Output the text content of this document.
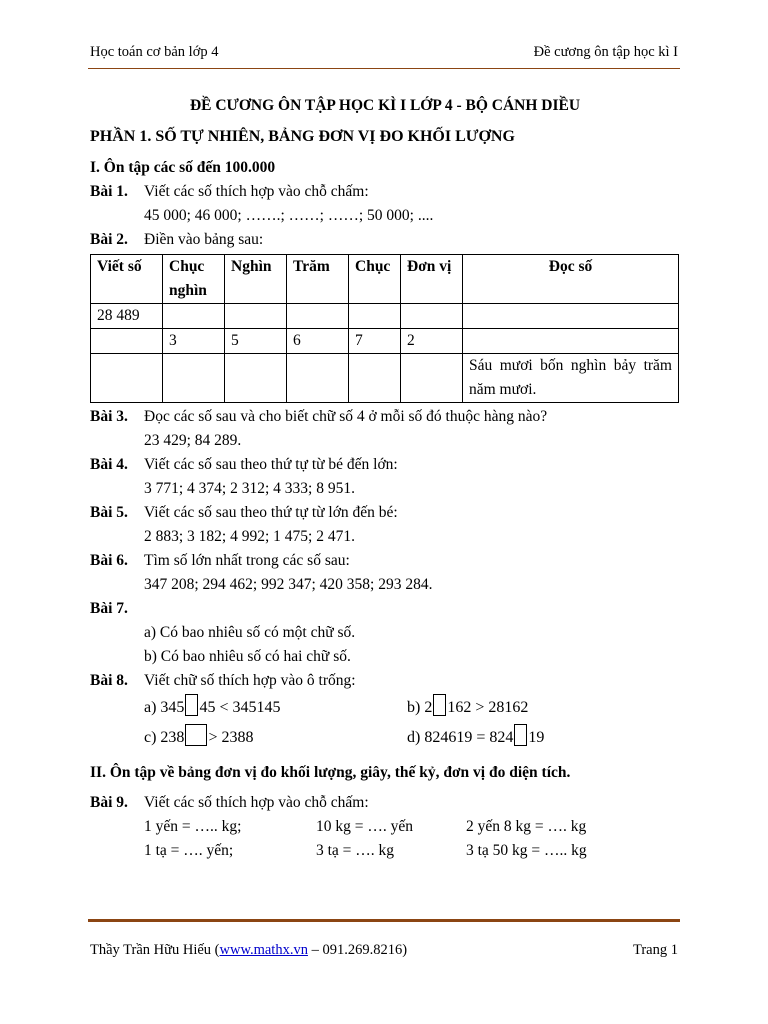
Học toán cơ bản lớp 4	Đề cương ôn tập học kì I
ĐỀ CƯƠNG ÔN TẬP HỌC KÌ I LỚP 4 - BỘ CÁNH DIỀU
PHẦN 1. SỐ TỰ NHIÊN, BẢNG ĐƠN VỊ ĐO KHỐI LƯỢNG
I. Ôn tập các số đến 100.000
Bài 1. Viết các số thích hợp vào chỗ chấm:
45 000; 46 000; …….; ……; ……; 50 000; ....
Bài 2. Điền vào bảng sau:
Viết số	Chục nghìn	Nghìn	Trăm	Chục	Đơn vị	Đọc số
28 489						
	3	5	6	7	2	
						Sáu mươi bốn nghìn bảy trăm năm mươi.
Bài 3. Đọc các số sau và cho biết chữ số 4 ở mỗi số đó thuộc hàng nào?
23 429; 84 289.
Bài 4. Viết các số sau theo thứ tự từ bé đến lớn:
3 771; 4 374; 2 312; 4 333; 8 951.
Bài 5. Viết các số sau theo thứ tự từ lớn đến bé:
2 883; 3 182; 4 992; 1 475; 2 471.
Bài 6. Tìm số lớn nhất trong các số sau:
347 208; 294 462; 992 347; 420 358; 293 284.
Bài 7.
a) Có bao nhiêu số có một chữ số.
b) Có bao nhiêu số có hai chữ số.
Bài 8. Viết chữ số thích hợp vào ô trống:
a) 345 45 < 345145	b) 2 162 > 28162
c) 238 > 2388	d) 824619 = 824 19
II. Ôn tập về bảng đơn vị đo khối lượng, giây, thế kỷ, đơn vị đo diện tích.
Bài 9. Viết các số thích hợp vào chỗ chấm:
1 yến = ….. kg;	10 kg = …. yến	2 yến 8 kg = …. kg
1 tạ = …. yến;	3 tạ = …. kg	3 tạ 50 kg = ….. kg
Thầy Trần Hữu Hiếu (www.mathx.vn – 091.269.8216)	Trang 1
